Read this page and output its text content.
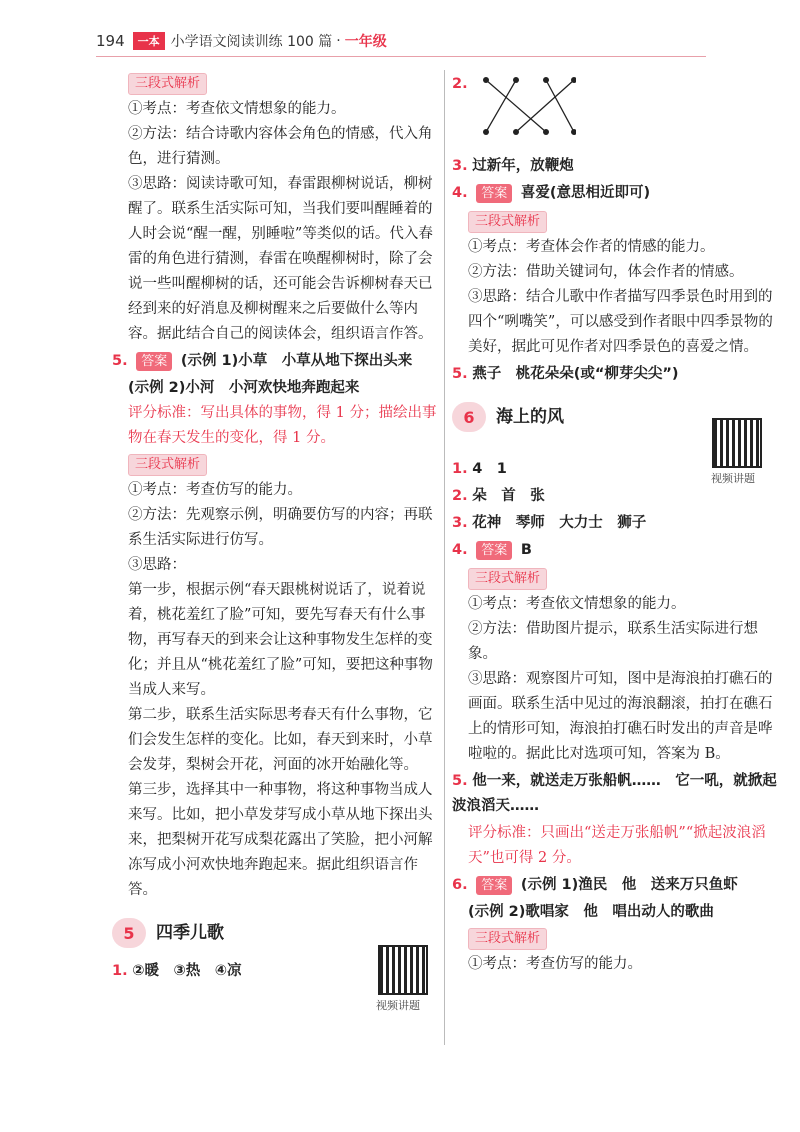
194	一本 小学语文阅读训练 100 篇 · 一年级
三段式解析

①考点：考查依文情想象的能力。

②方法：结合诗歌内容体会角色的情感，代入角色，进行猜测。

③思路：阅读诗歌可知，春雷跟柳树说话，柳树醒了。联系生活实际可知，当我们要叫醒睡着的人时会说“醒一醒，别睡啦”等类似的话。代入春雷的角色进行猜测，春雷在唤醒柳树时，除了会说一些叫醒柳树的话，还可能会告诉柳树春天已经到来的好消息及柳树醒来之后要做什么等内容。据此结合自己的阅读体会，组织语言作答。

5. 答案 (示例 1)小草　小草从地下探出头来

(示例 2)小河　小河欢快地奔跑起来

评分标准：写出具体的事物，得 1 分；描绘出事物在春天发生的变化，得 1 分。

三段式解析

①考点：考查仿写的能力。

②方法：先观察示例，明确要仿写的内容；再联系生活实际进行仿写。

③思路：

第一步，根据示例“春天跟桃树说话了，说着说着，桃花羞红了脸”可知，要先写春天有什么事物，再写春天的到来会让这种事物发生怎样的变化；并且从“桃花羞红了脸”可知，要把这种事物当成人来写。

第二步，联系生活实际思考春天有什么事物，它们会发生怎样的变化。比如，春天到来时，小草会发芽，梨树会开花，河面的冰开始融化等。

第三步，选择其中一种事物，将这种事物当成人来写。比如，把小草发芽写成小草从地下探出头来，把梨树开花写成梨花露出了笑脸，把小河解冻写成小河欢快地奔跑起来。据此组织语言作答。

5	四季儿歌
1. ②暖　③热　④凉
视频讲题
2.
3. 过新年，放鞭炮
4. 答案 喜爱(意思相近即可)
三段式解析

①考点：考查体会作者的情感的能力。

②方法：借助关键词句，体会作者的情感。

③思路：结合儿歌中作者描写四季景色时用到的四个“咧嘴笑”，可以感受到作者眼中四季景物的美好，据此可见作者对四季景色的喜爱之情。

5. 燕子　桃花朵朵(或“柳芽尖尖”)
6	海上的风
1. 4　1
2. 朵　首　张
3. 花神　琴师　大力士　狮子
4. 答案 B
三段式解析

①考点：考查依文情想象的能力。

②方法：借助图片提示，联系生活实际进行想象。

③思路：观察图片可知，图中是海浪拍打礁石的画面。联系生活中见过的海浪翻滚，拍打在礁石上的情形可知，海浪拍打礁石时发出的声音是哗啦啦的。据此比对选项可知，答案为 B。

5. 他一来，就送走万张船帆……　它一吼，就掀起波浪滔天……

评分标准：只画出“送走万张船帆”“掀起波浪滔天”也可得 2 分。

6. 答案 (示例 1)渔民　他　送来万只鱼虾

(示例 2)歌唱家　他　唱出动人的歌曲

三段式解析

①考点：考查仿写的能力。

视频讲题
